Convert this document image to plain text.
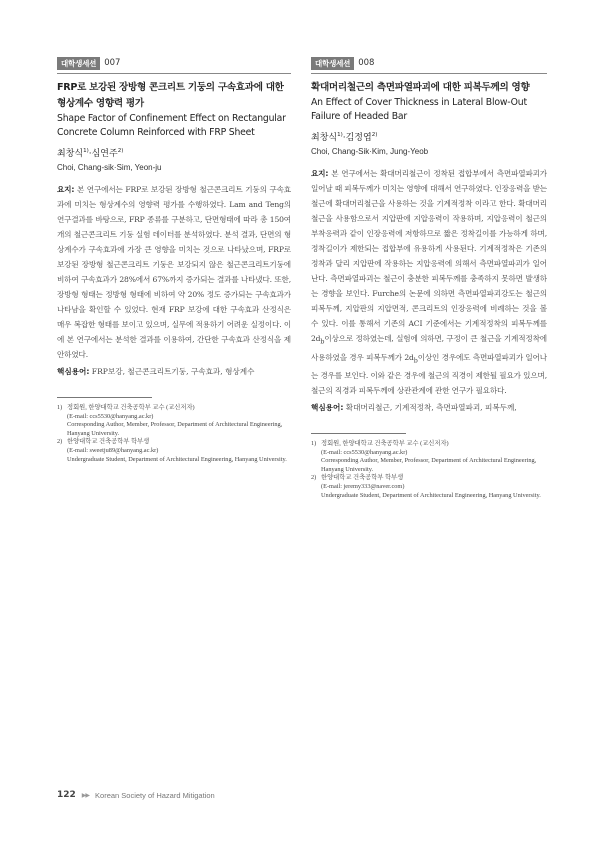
대학생세션 007
FRP로 보강된 장방형 콘크리트 기둥의 구속효과에 대한 형상계수 영향력 평가
Shape Factor of Confinement Effect on Rectangular Concrete Column Reinforced with FRP Sheet
최창식$^{1)}$·심연주$^{2)}$
Choi, Chang-sik·Sim, Yeon-ju
요지: 본 연구에서는 FRP로 보강된 장방형 철근콘크리트 기둥의 구속효과에 미치는 형상계수의 영향력 평가를 수행하였다. Lam and Teng의 연구결과를 바탕으로, FRP 종류를 구분하고, 단면형태에 따라 총 150여개의 철근콘크리트 기둥 실험 데이터를 분석하였다. 분석 결과, 단면의 형상계수가 구속효과에 가장 큰 영향을 미치는 것으로 나타났으며, FRP로 보강된 장방형 철근콘크리트 기둥은 보강되지 않은 철근콘크리트기둥에 비하여 구속효과가 28%에서 67%까지 증가되는 결과를 나타냈다. 또한, 장방형 형태는 정방형 형태에 비하여 약 20% 정도 증가되는 구속효과가 나타남을 확인할 수 있었다. 현재 FRP 보강에 대한 구속효과 산정식은 매우 복잡한 형태를 보이고 있으며, 실무에 적용하기 어려운 실정이다. 이에 본 연구에서는 분석한 결과를 이용하여, 간단한 구속효과 산정식을 제안하였다.
핵심용어: FRP보강, 철근콘크리트기둥, 구속효과, 형상계수
1) 정회원, 한양대학교 건축공학부 교수 (교신저자)
(E-mail: ccs5530@hanyang.ac.kr)
Corresponding Author, Member, Professor, Department of Architectural Engineering, Hanyang University.
2) 한양대학교 건축공학부 학부생
(E-mail: sweetju89@hanyang.ac.kr)
Undergraduate Student, Department of Architectural Engineering, Hanyang University.
대학생세션 008
확대머리철근의 측면파열파괴에 대한 피복두께의 영향
An Effect of Cover Thickness in Lateral Blow-Out Failure of Headed Bar
최창식$^{1)}$·김정엽$^{2)}$
Choi, Chang-Sik·Kim, Jung-Yeob
요지: 본 연구에서는 확대머리철근이 정착된 접합부에서 측면파열파괴가 일어날 때 피복두께가 미치는 영향에 대해서 연구하였다. 인장응력을 받는 철근에 확대머리철근을 사용하는 것을 기계적정착 이라고 한다. 확대머리철근을 사용함으로서 지압판에 지압응력이 작용하며, 지압응력이 철근의 부착응력과 같이 인장응력에 저항하므로 짧은 정착길이를 가능하게 하며, 정착길이가 제한되는 접합부에 유용하게 사용된다. 기계적정착은 기존의 정착과 달리 지압판에 작용하는 지압응력에 의해서 측면파열파괴가 일어난다. 측면파열파괴는 철근이 충분한 피복두께를 충족하지 못하면 발생하는 경향을 보인다. Furche의 논문에 의하면 측면파열파괴강도는 철근의 피복두께, 지압판의 지압면적, 콘크리트의 인장응력에 비례하는 것을 볼 수 있다. 이를 통해서 기존의 ACI 기준에서는 기계적정착의 피복두께를 $2d_b$이상으로 정하였는데, 실험에 의하면, 구정이 큰 철근을 기계적정착에 사용하였을 경우 피복두께가 $2d_b$이상인 경우에도 측면파열파괴가 일어나는 경우를 보인다. 이와 같은 경우에 철근의 직경이 제한될 필요가 있으며, 철근의 직경과 피복두께에 상관관계에 관한 연구가 필요하다.
핵심용어: 확대머리철근, 기계적정착, 측면파열파괴, 피복두께,
1) 정회원, 한양대학교 건축공학부 교수 (교신저자)
(E-mail: ccs5530@hanyang.ac.kr)
Corresponding Author, Member, Professor, Department of Architectural Engineering, Hanyang University.
2) 한양대학교 건축공학부 학부생
(E-mail: jeremy333@naver.com)
Undergraduate Student, Department of Architectural Engineering, Hanyang University.
122 ▶▶ Korean Society of Hazard Mitigation
